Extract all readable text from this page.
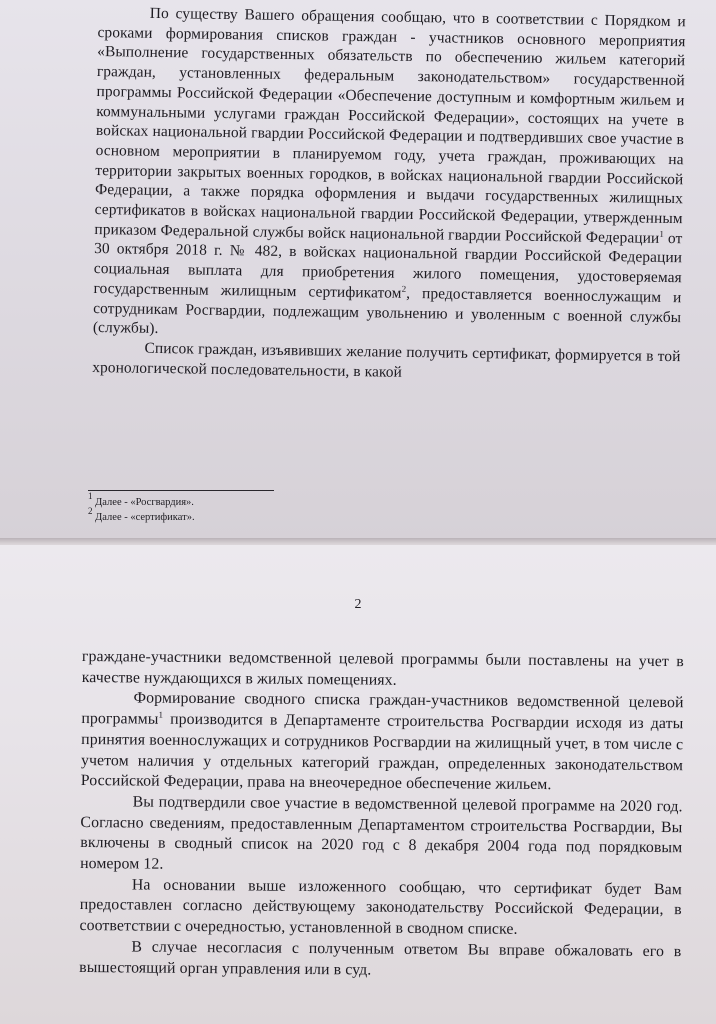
По существу Вашего обращения сообщаю, что в соответствии с Порядком и сроками формирования списков граждан - участников основного мероприятия «Выполнение государственных обязательств по обеспечению жильем категорий граждан, установленных федеральным законодательством» государственной программы Российской Федерации «Обеспечение доступным и комфортным жильем и коммунальными услугами граждан Российской Федерации», состоящих на учете в войсках национальной гвардии Российской Федерации и подтвердивших свое участие в основном мероприятии в планируемом году, учета граждан, проживающих на территории закрытых военных городков, в войсках национальной гвардии Российской Федерации, а также порядка оформления и выдачи государственных жилищных сертификатов в войсках национальной гвардии Российской Федерации, утвержденным приказом Федеральной службы войск национальной гвардии Российской Федерации$^1$ от 30 октября 2018 г. № 482, в войсках национальной гвардии Российской Федерации социальная выплата для приобретения жилого помещения, удостоверяемая государственным жилищным сертификатом$^2$, предоставляется военнослужащим и сотрудникам Росгвардии, подлежащим увольнению и уволенным с военной службы (службы).

Список граждан, изъявивших желание получить сертификат, формируется в той хронологической последовательности, в какой

$^1$ Далее - «Росгвардия».
$^2$ Далее - «сертификат».
2

граждане-участники ведомственной целевой программы были поставлены на учет в качестве нуждающихся в жилых помещениях.

Формирование сводного списка граждан-участников ведомственной целевой программы$^1$ производится в Департаменте строительства Росгвардии исходя из даты принятия военнослужащих и сотрудников Росгвардии на жилищный учет, в том числе с учетом наличия у отдельных категорий граждан, определенных законодательством Российской Федерации, права на внеочередное обеспечение жильем.

Вы подтвердили свое участие в ведомственной целевой программе на 2020 год. Согласно сведениям, предоставленным Департаментом строительства Росгвардии, Вы включены в сводный список на 2020 год с 8 декабря 2004 года под порядковым номером 12.

На основании выше изложенного сообщаю, что сертификат будет Вам предоставлен согласно действующему законодательству Российской Федерации, в соответствии с очередностью, установленной в сводном списке.

В случае несогласия с полученным ответом Вы вправе обжаловать его в вышестоящий орган управления или в суд.
